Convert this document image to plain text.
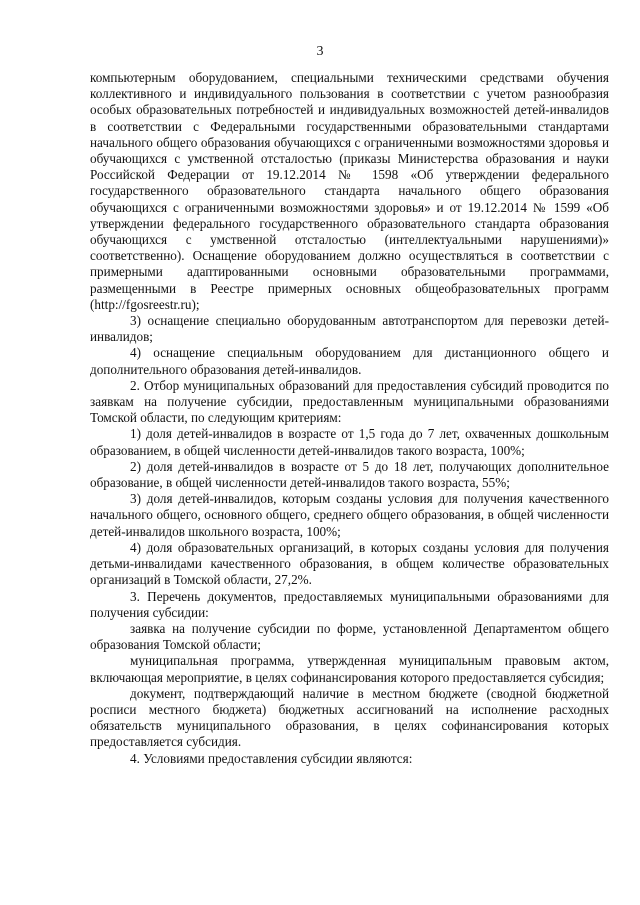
3

компьютерным оборудованием, специальными техническими средствами обучения коллективного и индивидуального пользования в соответствии с учетом разнообразия особых образовательных потребностей и индивидуальных возможностей детей-инвалидов в соответствии с Федеральными государственными образовательными стандартами начального общего образования обучающихся с ограниченными возможностями здоровья и обучающихся с умственной отсталостью (приказы Министерства образования и науки Российской Федерации от 19.12.2014 № 1598 «Об утверждении федерального государственного образовательного стандарта начального общего образования обучающихся с ограниченными возможностями здоровья» и от 19.12.2014 № 1599 «Об утверждении федерального государственного образовательного стандарта образования обучающихся с умственной отсталостью (интеллектуальными нарушениями)» соответственно). Оснащение оборудованием должно осуществляться в соответствии с примерными адаптированными основными образовательными программами, размещенными в Реестре примерных основных общеобразовательных программ (http://fgosreestr.ru);

3) оснащение специально оборудованным автотранспортом для перевозки детей-инвалидов;

4) оснащение специальным оборудованием для дистанционного общего и дополнительного образования детей-инвалидов.

2. Отбор муниципальных образований для предоставления субсидий проводится по заявкам на получение субсидии, предоставленным муниципальными образованиями Томской области, по следующим критериям:

1) доля детей-инвалидов в возрасте от 1,5 года до 7 лет, охваченных дошкольным образованием, в общей численности детей-инвалидов такого возраста, 100%;

2) доля детей-инвалидов в возрасте от 5 до 18 лет, получающих дополнительное образование, в общей численности детей-инвалидов такого возраста, 55%;

3) доля детей-инвалидов, которым созданы условия для получения качественного начального общего, основного общего, среднего общего образования, в общей численности детей-инвалидов школьного возраста, 100%;

4) доля образовательных организаций, в которых созданы условия для получения детьми-инвалидами качественного образования, в общем количестве образовательных организаций в Томской области, 27,2%.

3. Перечень документов, предоставляемых муниципальными образованиями для получения субсидии:

заявка на получение субсидии по форме, установленной Департаментом общего образования Томской области;

муниципальная программа, утвержденная муниципальным правовым актом, включающая мероприятие, в целях софинансирования которого предоставляется субсидия;

документ, подтверждающий наличие в местном бюджете (сводной бюджетной росписи местного бюджета) бюджетных ассигнований на исполнение расходных обязательств муниципального образования, в целях софинансирования которых предоставляется субсидия.

4. Условиями предоставления субсидии являются:
